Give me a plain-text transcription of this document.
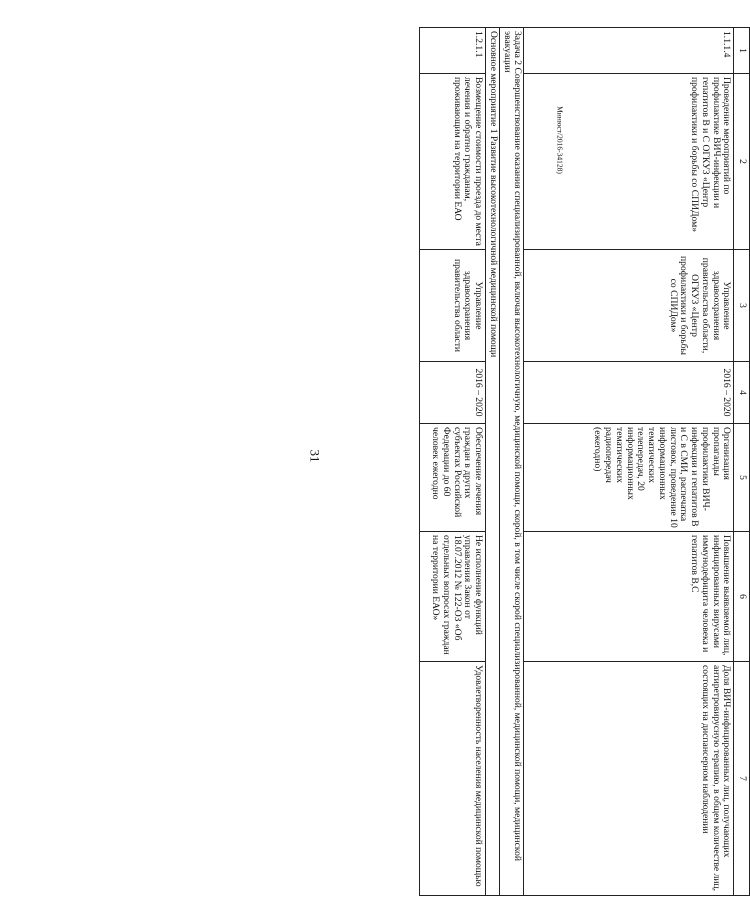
31
Минюст/2016-34128)
1	2	3	4	5	6	7
1.1.1.4	Проведение мероприятий по профилактике ВИЧ-инфекции и гепатитов В и С ОГКУЗ «Центр профилактики и борьбы со СПИДом»	Управление здравоохранения правительства области, ОГКУЗ «Центр профилактики и борьбы со СПИДом»	2016 – 2020	Организация пропаганды профилактики ВИЧ-инфекции и гепатитов В и С в СМИ, распечатка листовок, проведение 10 информационных тематических телепередач, 20 информационных тематических радиопередач (ежегодно)	Повышение выявляемой лиц, инфицированных вирусами иммунодефицита человека и гепатитов В,С	Доля ВИЧ-инфицированных лиц, получающих антиретровирусную терапию, в общем количестве лиц, состоящих на диспансерном наблюдении
Задача 2 Совершенствование оказания специализированной, включая высокотехнологичную, медицинской помощи, скорой, в том числе скорой специализированной, медицинской помощи, медицинской эвакуации						
Основное мероприятие 1 Развитие высокотехнологичной медицинской помощи						
1.2.1.1	Возмещение стоимости проезда до места лечения и обратно гражданам, проживающим на территории ЕАО	Управление здравоохранения правительства области	2016 – 2020	Обеспечение лечения граждан в других субъектах Российской Федерации до 60 человек ежегодно	Не исполнение функций управления Закон от 18.07.2012 № 122-ОЗ «Об отдельных вопросах граждан на территории ЕАО»	Удовлетворенность населения медицинской помощью
